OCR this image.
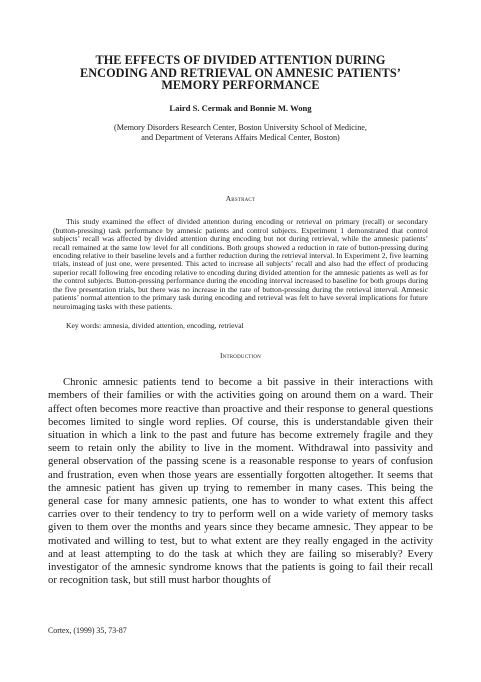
THE EFFECTS OF DIVIDED ATTENTION DURING
ENCODING AND RETRIEVAL ON AMNESIC PATIENTS’
MEMORY PERFORMANCE
Laird S. Cermak and Bonnie M. Wong
(Memory Disorders Research Center, Boston University School of Medicine,
and Department of Veterans Affairs Medical Center, Boston)
Abstract

This study examined the effect of divided attention during encoding or retrieval on primary (recall) or secondary (button-pressing) task performance by amnesic patients and control subjects. Experiment 1 demonstrated that control subjects’ recall was affected by divided attention during encoding but not during retrieval, while the amnesic patients’ recall remained at the same low level for all conditions. Both groups showed a reduction in rate of button-pressing during encoding relative to their baseline levels and a further reduction during the retrieval interval. In Experiment 2, five learning trials, instead of just one, were presented. This acted to increase all subjects’ recall and also had the effect of producing superior recall following free encoding relative to encoding during divided attention for the amnesic patients as well as for the control subjects. Button-pressing performance during the encoding interval increased to baseline for both groups during the five presentation trials, but there was no increase in the rate of button-pressing during the retrieval interval. Amnesic patients’ normal attention to the primary task during encoding and retrieval was felt to have several implications for future neuroimaging tasks with these patients.

Key words: amnesia, divided attention, encoding, retrieval

Introduction

Chronic amnesic patients tend to become a bit passive in their interactions with members of their families or with the activities going on around them on a ward. Their affect often becomes more reactive than proactive and their response to general questions becomes limited to single word replies. Of course, this is understandable given their situation in which a link to the past and future has become extremely fragile and they seem to retain only the ability to live in the moment. Withdrawal into passivity and general observation of the passing scene is a reasonable response to years of confusion and frustration, even when those years are essentially forgotten altogether. It seems that the amnesic patient has given up trying to remember in many cases. This being the general case for many amnesic patients, one has to wonder to what extent this affect carries over to their tendency to try to perform well on a wide variety of memory tasks given to them over the months and years since they became amnesic. They appear to be motivated and willing to test, but to what extent are they really engaged in the activity and at least attempting to do the task at which they are failing so miserably? Every investigator of the amnesic syndrome knows that the patients is going to fail their recall or recognition task, but still must harbor thoughts of

Cortex, (1999) 35, 73-87
